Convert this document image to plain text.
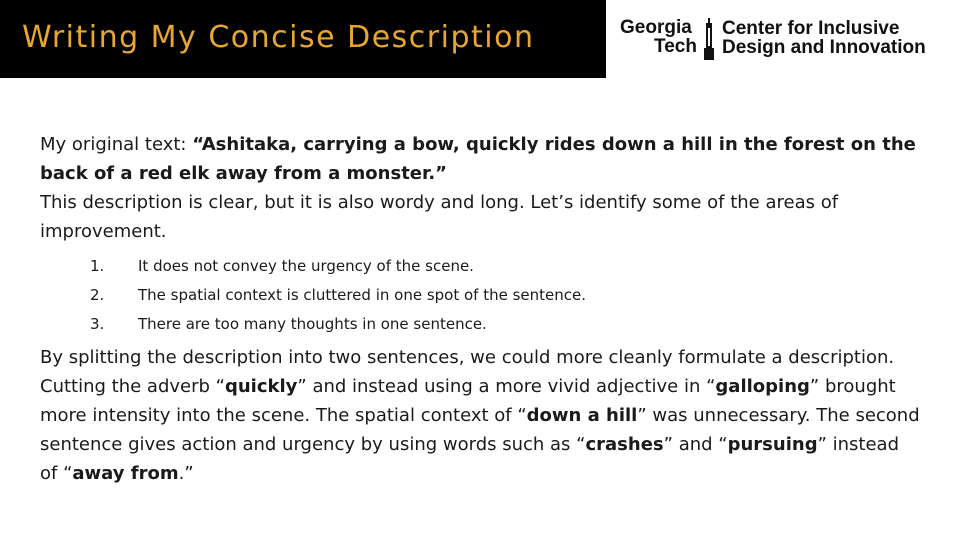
Writing My Concise Description	Georgia
Tech
Center for Inclusive
Design and Innovation

My original text: “Ashitaka, carrying a bow, quickly rides down a hill in the forest on the back of a red elk away from a monster.”

This description is clear, but it is also wordy and long. Let’s identify some of the areas of improvement.

1.	It does not convey the urgency of the scene.
2.	The spatial context is cluttered in one spot of the sentence.
3.	There are too many thoughts in one sentence.

By splitting the description into two sentences, we could more cleanly formulate a description. Cutting the adverb “quickly” and instead using a more vivid adjective in “galloping” brought more intensity into the scene. The spatial context of “down a hill” was unnecessary. The second sentence gives action and urgency by using words such as “crashes” and “pursuing” instead of “away from.”
